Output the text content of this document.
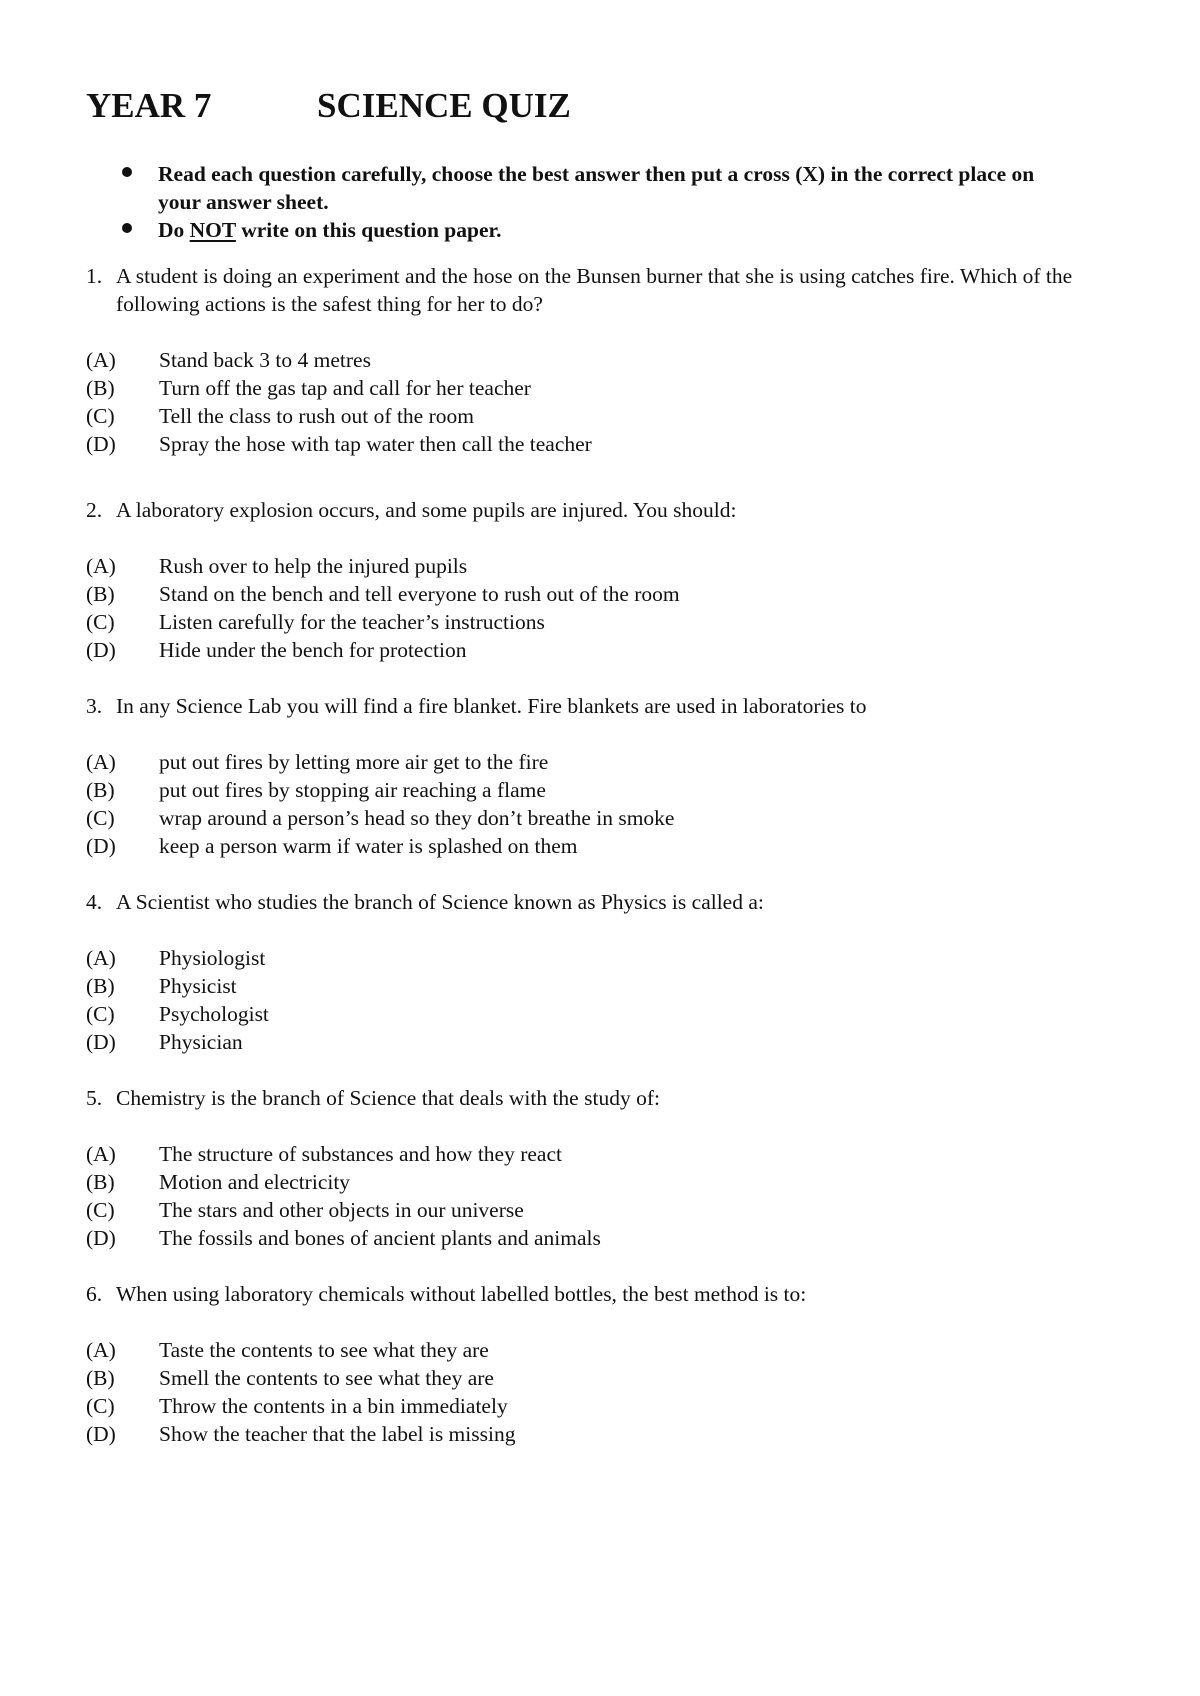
YEAR 7	SCIENCE QUIZ
Read each question carefully, choose the best answer then put a cross (X) in the correct place on your answer sheet.
Do NOT write on this question paper.
1. A student is doing an experiment and the hose on the Bunsen burner that she is using catches fire. Which of the following actions is the safest thing for her to do?
(A) Stand back 3 to 4 metres
(B) Turn off the gas tap and call for her teacher
(C) Tell the class to rush out of the room
(D) Spray the hose with tap water then call the teacher
2. A laboratory explosion occurs, and some pupils are injured. You should:
(A) Rush over to help the injured pupils
(B) Stand on the bench and tell everyone to rush out of the room
(C) Listen carefully for the teacher’s instructions
(D) Hide under the bench for protection
3. In any Science Lab you will find a fire blanket. Fire blankets are used in laboratories to
(A) put out fires by letting more air get to the fire
(B) put out fires by stopping air reaching a flame
(C) wrap around a person’s head so they don’t breathe in smoke
(D) keep a person warm if water is splashed on them
4. A Scientist who studies the branch of Science known as Physics is called a:
(A) Physiologist
(B) Physicist
(C) Psychologist
(D) Physician
5. Chemistry is the branch of Science that deals with the study of:
(A) The structure of substances and how they react
(B) Motion and electricity
(C) The stars and other objects in our universe
(D) The fossils and bones of ancient plants and animals
6. When using laboratory chemicals without labelled bottles, the best method is to:
(A) Taste the contents to see what they are
(B) Smell the contents to see what they are
(C) Throw the contents in a bin immediately
(D) Show the teacher that the label is missing
